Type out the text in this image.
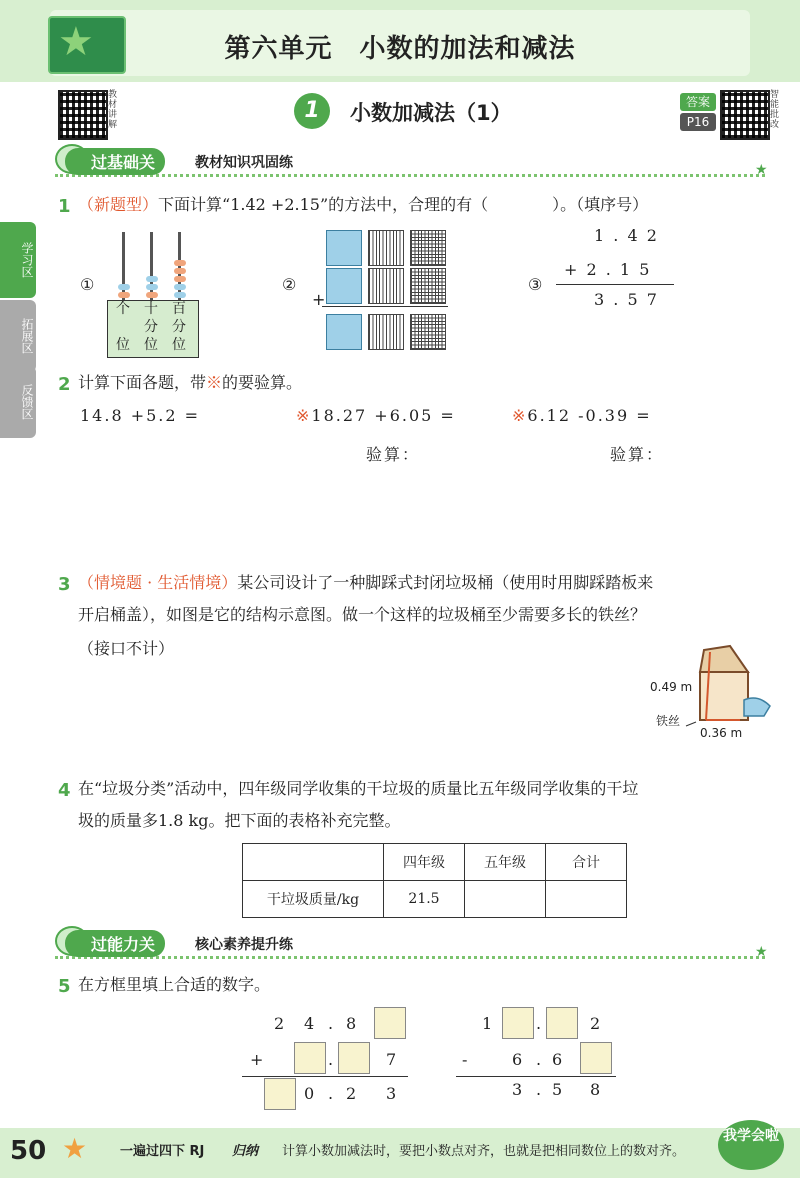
★	第六单元　小数的加法和减法
教材讲解
1	小数加减法（1）	答案
P16
智能批改
学习区
拓展区
反馈区
过基础关	教材知识巩固练	★
1 （新题型）下面计算“1.42 +2.15”的方法中，合理的有（　　　　）。（填序号）
①
个
位
十
分
位
百
分
位
②
+
③
1 . 4 2
+ 2 . 1 5
3 . 5 7
2 计算下面各题，带※的要验算。
14.8 +5.2 =	※18.27 +6.05 =	※6.12 -0.39 =
验算：	验算：
3 （情境题 · 生活情境）某公司设计了一种脚踩式封闭垃圾桶（使用时用脚踩踏板来
开启桶盖），如图是它的结构示意图。做一个这样的垃圾桶至少需要多长的铁丝？
（接口不计）
0.49 m
铁丝
0.36 m
4 在“垃圾分类”活动中，四年级同学收集的干垃圾的质量比五年级同学收集的干垃
圾的质量多1.8 kg。把下面的表格补充完整。
	四年级	五年级	合计
干垃圾质量/kg	21.5		
过能力关	核心素养提升练	★
5 在方框里填上合适的数字。
2 4 . 8
+	.	7
0 . 2 3
1	.	2
-	6 . 6
3 . 5 8
50 ★	一遍过四下 RJ 归纳 计算小数加减法时，要把小数点对齐，也就是把相同数位上的数对齐。
我学会啦
